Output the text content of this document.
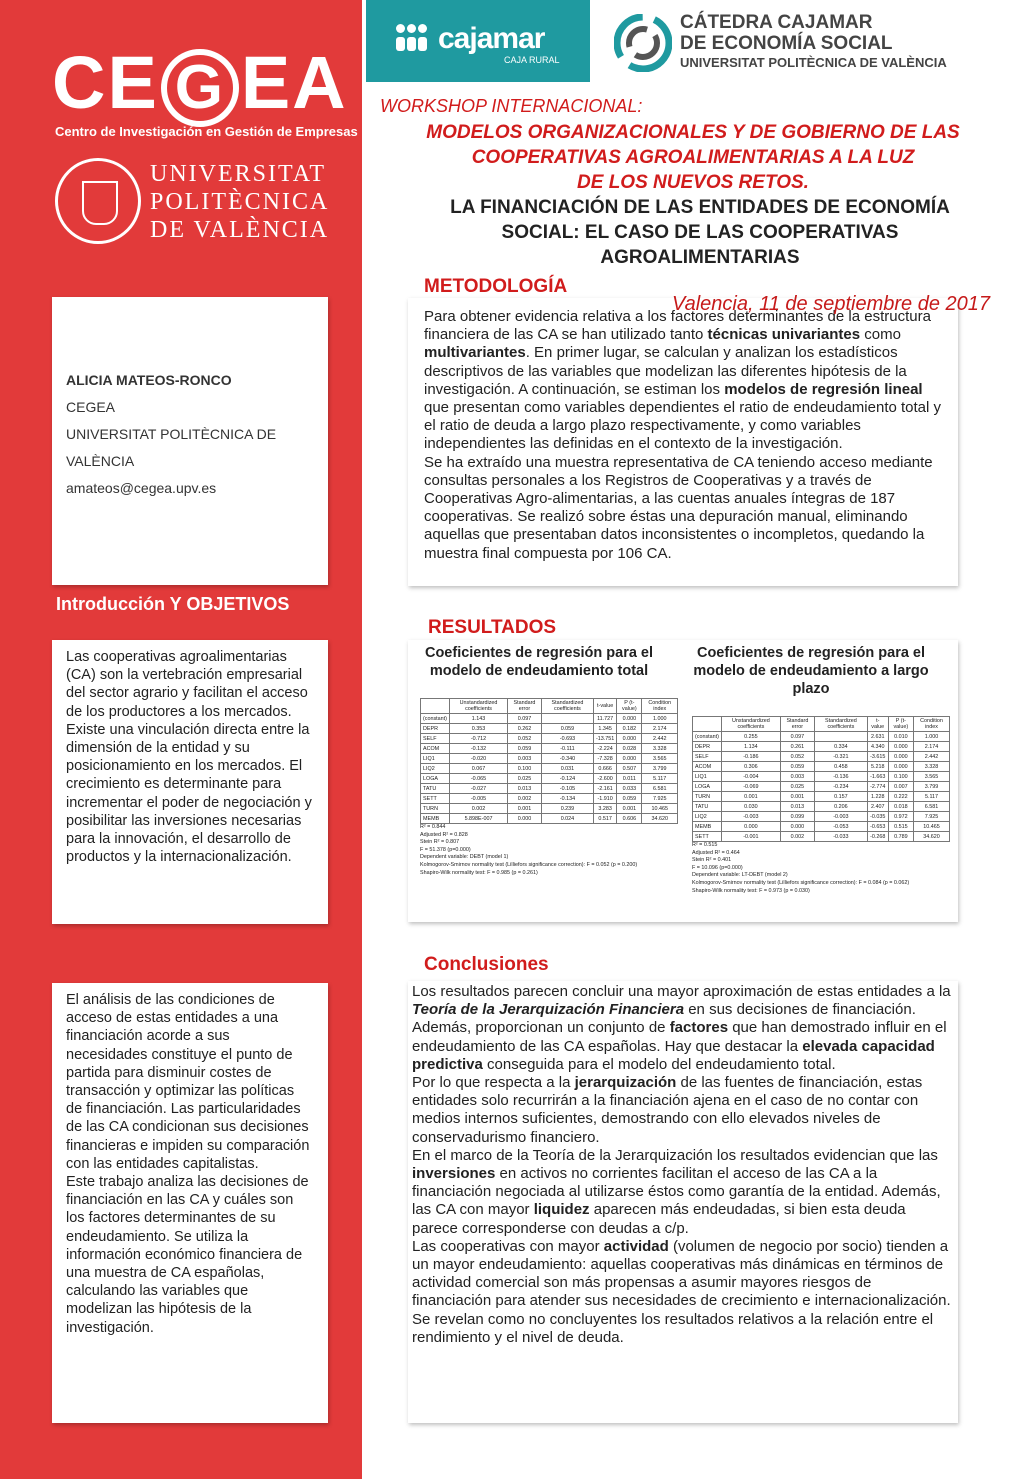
CE G EA
Centro de Investigación en Gestión de Empresas
UNIVERSITAT
POLITÈCNICA
DE VALÈNCIA
ALICIA MATEOS-RONCO
CEGEA
UNIVERSITAT POLITÈCNICA DE
VALÈNCIA
amateos@cegea.upv.es
Introducción Y OBJETIVOS

Las cooperativas agroalimentarias (CA) son la vertebración empresarial del sector agrario y facilitan el acceso de los productores a los mercados. Existe una vinculación directa entre la dimensión de la entidad y su posicionamiento en los mercados. El crecimiento es determinante para incrementar el poder de negociación y posibilitar las inversiones necesarias para la innovación, el desarrollo de productos y la internacionalización.

El análisis de las condiciones de acceso de estas entidades a una financiación acorde a sus necesidades constituye el punto de partida para disminuir costes de transacción y optimizar las políticas de financiación. Las particularidades de las CA condicionan sus decisiones financieras e impiden su comparación con las entidades capitalistas.

Este trabajo analiza las decisiones de financiación en las CA y cuáles son los factores determinantes de su endeudamiento. Se utiliza la información económico financiera de una muestra de CA españolas, calculando las variables que modelizan las hipótesis de la investigación.

cajamar
CAJA RURAL
CÁTEDRA CAJAMAR
DE ECONOMÍA SOCIAL
UNIVERSITAT POLITÈCNICA DE VALÈNCIA
WORKSHOP INTERNACIONAL:
MODELOS ORGANIZACIONALES Y DE GOBIERNO DE LAS
COOPERATIVAS AGROALIMENTARIAS A LA LUZ
DE LOS NUEVOS RETOS.
LA FINANCIACIÓN DE LAS ENTIDADES DE ECONOMÍA
SOCIAL: EL CASO DE LAS COOPERATIVAS
AGROALIMENTARIAS
METODOLOGÍA
Valencia, 11 de septiembre de 2017

Para obtener evidencia relativa a los factores determinantes de la estructura financiera de las CA se han utilizado tanto técnicas univariantes como multivariantes. En primer lugar, se calculan y analizan los estadísticos descriptivos de las variables que modelizan las diferentes hipótesis de la investigación. A continuación, se estiman los modelos de regresión lineal que presentan como variables dependientes el ratio de endeudamiento total y el ratio de deuda a largo plazo respectivamente, y como variables independientes las definidas en el contexto de la investigación.

Se ha extraído una muestra representativa de CA teniendo acceso mediante consultas personales a los Registros de Cooperativas y a través de Cooperativas Agro-alimentarias, a las cuentas anuales íntegras de 187 cooperativas. Se realizó sobre éstas una depuración manual, eliminando aquellas que presentaban datos inconsistentes o incompletos, quedando la muestra final compuesta por 106 CA.

RESULTADOS
Coeficientes de regresión para el modelo de endeudamiento total
	Unstandardized coefficients	Standard error	Standardized coefficients	t-value	P (t-value)	Condition index
(constant)	1.143	0.097		11.727	0.000	1.000
DEPR	0.353	0.262	0.059	1.345	0.182	2.174
SELF	-0.712	0.052	-0.693	-13.751	0.000	2.442
ACOM	-0.132	0.059	-0.111	-2.224	0.028	3.328
LIQ1	-0.020	0.003	-0.340	-7.328	0.000	3.565
LIQ2	0.067	0.100	0.031	0.666	0.507	3.799
LOGA	-0.065	0.025	-0.124	-2.600	0.011	5.117
TATU	-0.027	0.013	-0.105	-2.161	0.033	6.581
SETT	-0.005	0.002	-0.134	-1.910	0.059	7.925
TURN	0.002	0.001	0.239	3.283	0.001	10.465
MEMB	5.898E-007	0.000	0.024	0.517	0.606	34.620
R² = 0.844
Adjusted R² = 0.828
Stein R² = 0.807
F = 51.378 (p=0.000)
Dependent variable: DEBT (model 1)
Kolmogorov-Smirnov normality test (Lilliefors significance correction): F = 0.052 (p = 0.200)
Shapiro-Wilk normality test: F = 0.985 (p = 0.261)
Coeficientes de regresión para el modelo de endeudamiento a largo plazo
	Unstandardized coefficients	Standard error	Standardized coefficients	t-value	P (t-value)	Condition index
(constant)	0.255	0.097		2.631	0.010	1.000
DEPR	1.134	0.261	0.334	4.340	0.000	2.174
SELF	-0.186	0.052	-0.321	-3.615	0.000	2.442
ACOM	0.306	0.059	0.458	5.218	0.000	3.328
LIQ1	-0.004	0.003	-0.136	-1.663	0.100	3.565
LOGA	-0.069	0.025	-0.234	-2.774	0.007	3.799
TURN	0.001	0.001	0.157	1.228	0.222	5.117
TATU	0.030	0.013	0.206	2.407	0.018	6.581
LIQ2	-0.003	0.099	-0.003	-0.035	0.972	7.925
MEMB	0.000	0.000	-0.053	-0.653	0.515	10.465
SETT	-0.001	0.002	-0.033	-0.268	0.789	34.620
R² = 0.515
Adjusted R² = 0.464
Stein R² = 0.401
F = 10.096 (p=0.000)
Dependent variable: LT-DEBT (model 2)
Kolmogorov-Smirnov normality test (Lilliefors significance correction): F = 0.084 (p = 0.062)
Shapiro-Wilk normality test: F = 0.973 (p = 0.030)
Conclusiones

Los resultados parecen concluir una mayor aproximación de estas entidades a la Teoría de la Jerarquización Financiera en sus decisiones de financiación.

Además, proporcionan un conjunto de factores que han demostrado influir en el endeudamiento de las CA españolas. Hay que destacar la elevada capacidad predictiva conseguida para el modelo del endeudamiento total.

Por lo que respecta a la jerarquización de las fuentes de financiación, estas entidades solo recurrirán a la financiación ajena en el caso de no contar con medios internos suficientes, demostrando con ello elevados niveles de conservadurismo financiero.

En el marco de la Teoría de la Jerarquización los resultados evidencian que las inversiones en activos no corrientes facilitan el acceso de las CA a la financiación negociada al utilizarse éstos como garantía de la entidad. Además, las CA con mayor liquidez aparecen más endeudadas, si bien esta deuda parece corresponderse con deudas a c/p.

Las cooperativas con mayor actividad (volumen de negocio por socio) tienden a un mayor endeudamiento: aquellas cooperativas más dinámicas en términos de actividad comercial son más propensas a asumir mayores riesgos de financiación para atender sus necesidades de crecimiento e internacionalización.

Se revelan como no concluyentes los resultados relativos a la relación entre el rendimiento y el nivel de deuda.
